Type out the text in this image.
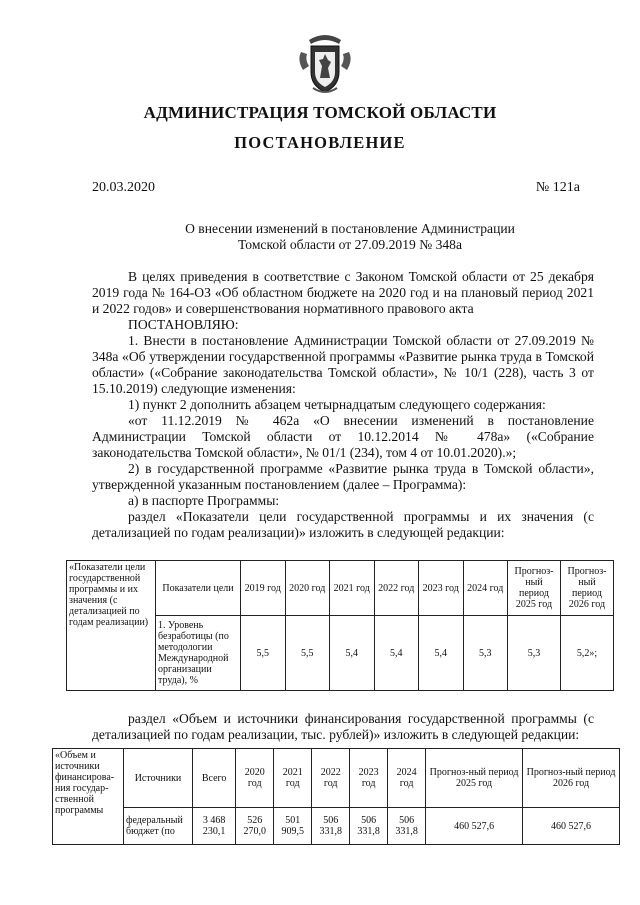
АДМИНИСТРАЦИЯ ТОМСКОЙ ОБЛАСТИ
ПОСТАНОВЛЕНИЕ
20.03.2020	№ 121а
О внесении изменений в постановление Администрации
Томской области от 27.09.2019 № 348а

В целях приведения в соответствие с Законом Томской области от 25 декабря 2019 года № 164-ОЗ «Об областном бюджете на 2020 год и на плановый период 2021 и 2022 годов» и совершенствования нормативного правового акта

ПОСТАНОВЛЯЮ:

1. Внести в постановление Администрации Томской области от 27.09.2019 № 348а «Об утверждении государственной программы «Развитие рынка труда в Томской области» («Собрание законодательства Томской области», № 10/1 (228), часть 3 от 15.10.2019) следующие изменения:

1) пункт 2 дополнить абзацем четырнадцатым следующего содержания:

«от 11.12.2019 № 462а «О внесении изменений в постановление Администрации Томской области от 10.12.2014 № 478а» («Собрание законодательства Томской области», № 01/1 (234), том 4 от 10.01.2020).»;

2) в государственной программе «Развитие рынка труда в Томской области», утвержденной указанным постановлением (далее – Программа):

а) в паспорте Программы:

раздел «Показатели цели государственной программы и их значения (с детализацией по годам реализации)» изложить в следующей редакции:

«Показатели цели государственной программы и их значения (с детализацией по годам реализации)	Показатели цели	2019 год	2020 год	2021 год	2022 год	2023 год	2024 год	Прогноз-ный период 2025 год	Прогноз-ный период 2026 год
	1. Уровень безработицы (по методологии Международной организации труда), %	5,5	5,5	5,4	5,4	5,4	5,3	5,3	5,2»;

раздел «Объем и источники финансирования государственной программы (с детализацией по годам реализации, тыс. рублей)» изложить в следующей редакции:

«Объем и источники финансирова-ния государ-ственной программы	Источники	Всего	2020 год	2021 год	2022 год	2023 год	2024 год	Прогноз-ный период 2025 год	Прогноз-ный период 2026 год
	федеральный бюджет (по	3 468 230,1	526 270,0	501 909,5	506 331,8	506 331,8	506 331,8	460 527,6	460 527,6
